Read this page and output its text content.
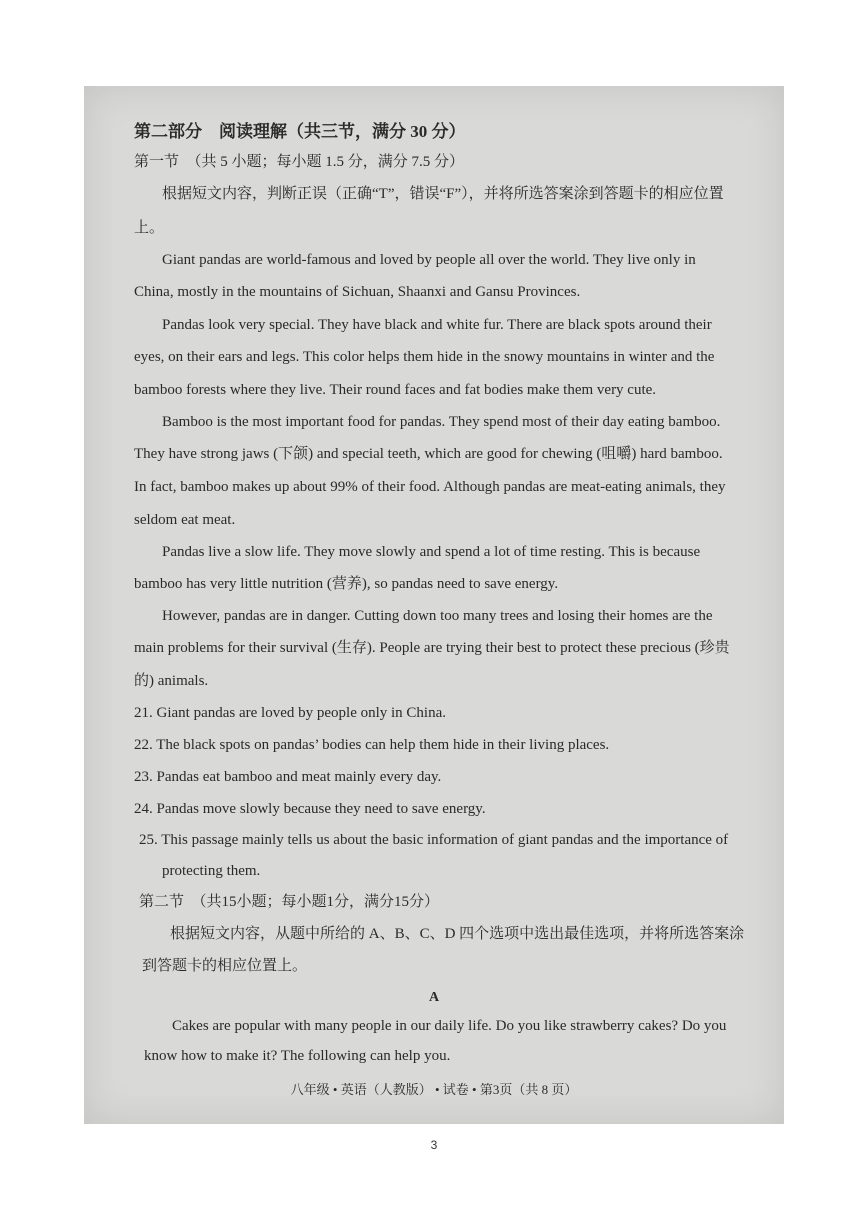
第二部分　阅读理解（共三节，满分 30 分）
第一节　（共 5 小题；每小题 1.5 分，满分 7.5 分）
根据短文内容，判断正误（正确“T”，错误“F”），并将所选答案涂到答题卡的相应位置
上。
Giant pandas are world-famous and loved by people all over the world. They live only in
China, mostly in the mountains of Sichuan, Shaanxi and Gansu Provinces.
Pandas look very special. They have black and white fur. There are black spots around their
eyes, on their ears and legs. This color helps them hide in the snowy mountains in winter and the
bamboo forests where they live. Their round faces and fat bodies make them very cute.
Bamboo is the most important food for pandas. They spend most of their day eating bamboo.
They have strong jaws (下颌) and special teeth, which are good for chewing (咀嚼) hard bamboo.
In fact, bamboo makes up about 99% of their food. Although pandas are meat-eating animals, they
seldom eat meat.
Pandas live a slow life. They move slowly and spend a lot of time resting. This is because
bamboo has very little nutrition (营养), so pandas need to save energy.
However, pandas are in danger. Cutting down too many trees and losing their homes are the
main problems for their survival (生存). People are trying their best to protect these precious (珍贵
的) animals.
21. Giant pandas are loved by people only in China.
22. The black spots on pandas’ bodies can help them hide in their living places.
23. Pandas eat bamboo and meat mainly every day.
24. Pandas move slowly because they need to save energy.
25. This passage mainly tells us about the basic information of giant pandas and the importance of
protecting them.
第二节　（共15小题；每小题1分，满分15分）
根据短文内容，从题中所给的 A、B、C、D 四个选项中选出最佳选项，并将所选答案涂
到答题卡的相应位置上。
A
Cakes are popular with many people in our daily life. Do you like strawberry cakes? Do you
know how to make it? The following can help you.
八年级 • 英语（人教版） • 试卷 • 第3页（共 8 页）
3
